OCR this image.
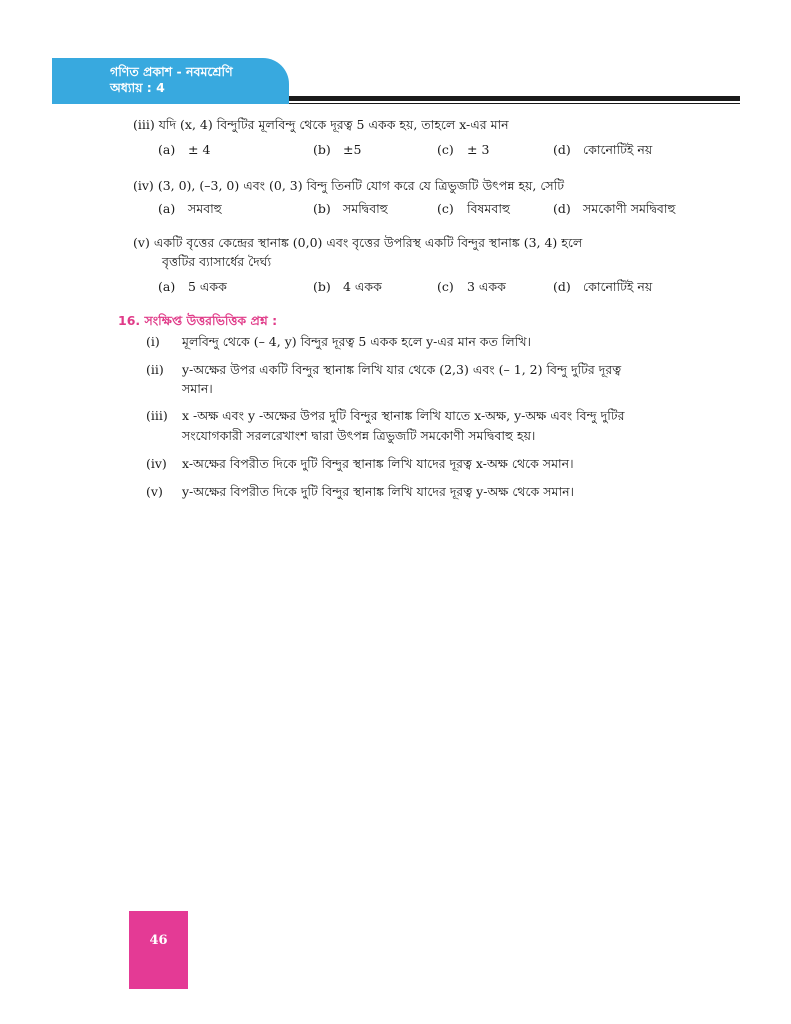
গণিত প্রকাশ - নবমশ্রেণি
অধ্যায় : 4
(iii) যদি (x, 4) বিন্দুটির মূলবিন্দু থেকে দূরত্ব 5 একক হয়, তাহলে x-এর মান
(a) ± 4	(b) ±5	(c) ± 3	(d) কোনোটিই নয়
(iv) (3, 0), (–3, 0) এবং (0, 3) বিন্দু তিনটি যোগ করে যে ত্রিভুজটি উৎপন্ন হয়, সেটি
(a) সমবাহু	(b) সমদ্বিবাহু	(c) বিষমবাহু	(d) সমকোণী সমদ্বিবাহু
(v) একটি বৃত্তের কেন্দ্রের স্থানাঙ্ক (0,0) এবং বৃত্তের উপরিস্থ একটি বিন্দুর স্থানাঙ্ক (3, 4) হলে
বৃত্তটির ব্যাসার্ধের দৈর্ঘ্য
(a) 5 একক	(b) 4 একক	(c) 3 একক	(d) কোনোটিই নয়
16. সংক্ষিপ্ত উত্তরভিত্তিক প্রশ্ন :
(i) মূলবিন্দু থেকে (– 4, y) বিন্দুর দূরত্ব 5 একক হলে y-এর মান কত লিখি।
(ii) y-অক্ষের উপর একটি বিন্দুর স্থানাঙ্ক লিখি যার থেকে (2,3) এবং (– 1, 2) বিন্দু দুটির দূরত্ব
সমান।
(iii) x -অক্ষ এবং y -অক্ষের উপর দুটি বিন্দুর স্থানাঙ্ক লিখি যাতে x-অক্ষ, y-অক্ষ এবং বিন্দু দুটির
সংযোগকারী সরলরেখাংশ দ্বারা উৎপন্ন ত্রিভুজটি সমকোণী সমদ্বিবাহু হয়।
(iv) x-অক্ষের বিপরীত দিকে দুটি বিন্দুর স্থানাঙ্ক লিখি যাদের দূরত্ব x-অক্ষ থেকে সমান।
(v) y-অক্ষের বিপরীত দিকে দুটি বিন্দুর স্থানাঙ্ক লিখি যাদের দূরত্ব y-অক্ষ থেকে সমান।
46
